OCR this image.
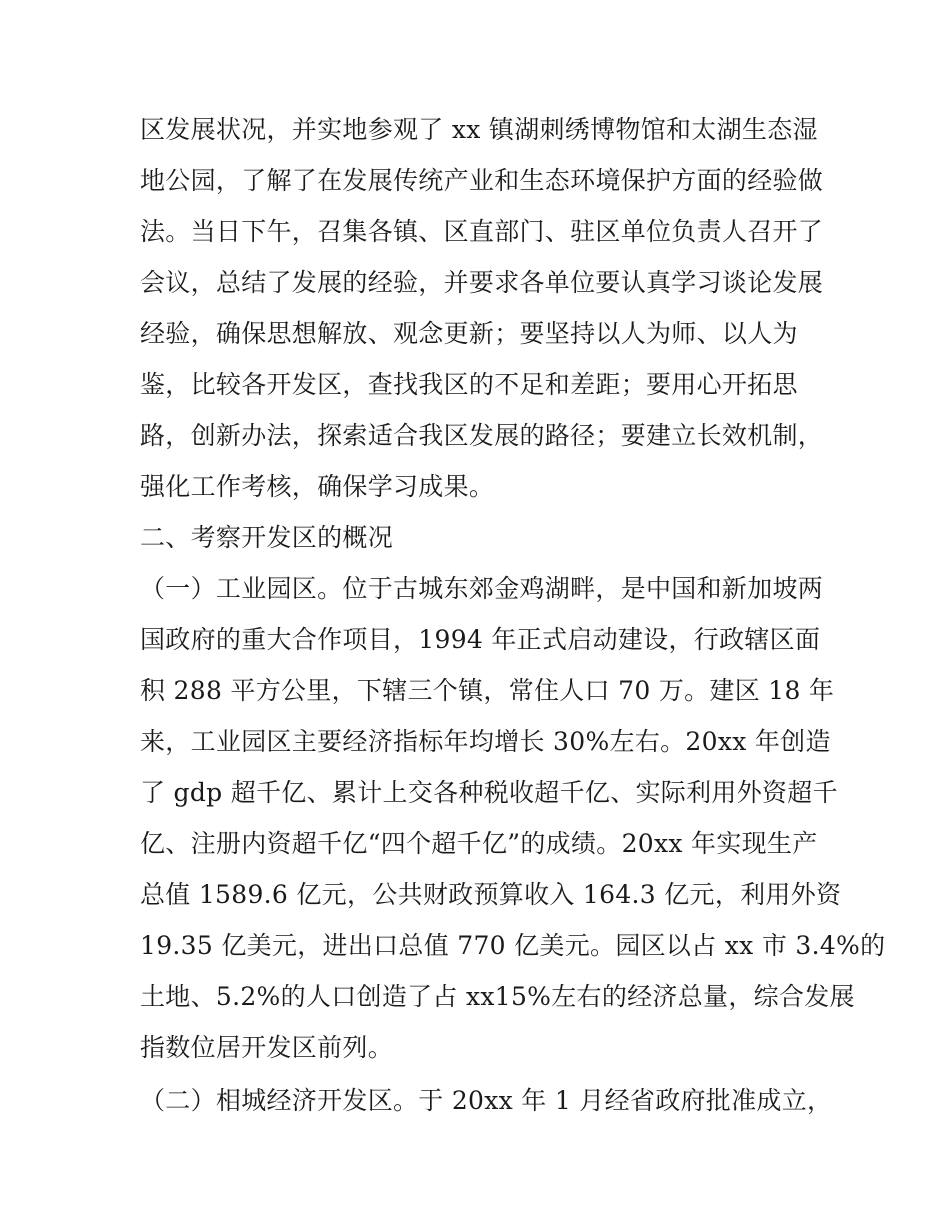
区发展状况，并实地参观了 xx 镇湖刺绣博物馆和太湖生态湿
地公园，了解了在发展传统产业和生态环境保护方面的经验做
法。当日下午，召集各镇、区直部门、驻区单位负责人召开了
会议，总结了发展的经验，并要求各单位要认真学习谈论发展
经验，确保思想解放、观念更新；要坚持以人为师、以人为
鉴，比较各开发区，查找我区的不足和差距；要用心开拓思
路，创新办法，探索适合我区发展的路径；要建立长效机制，
强化工作考核，确保学习成果。
二、考察开发区的概况
（一）工业园区。位于古城东郊金鸡湖畔，是中国和新加坡两
国政府的重大合作项目，1994 年正式启动建设，行政辖区面
积 288 平方公里，下辖三个镇，常住人口 70 万。建区 18 年
来，工业园区主要经济指标年均增长 30%左右。20xx 年创造
了 gdp 超千亿、累计上交各种税收超千亿、实际利用外资超千
亿、注册内资超千亿“四个超千亿”的成绩。20xx 年实现生产
总值 1589.6 亿元，公共财政预算收入 164.3 亿元，利用外资
19.35 亿美元，进出口总值 770 亿美元。园区以占 xx 市 3.4%的
土地、5.2%的人口创造了占 xx15%左右的经济总量，综合发展
指数位居开发区前列。
（二）相城经济开发区。于 20xx 年 1 月经省政府批准成立，
